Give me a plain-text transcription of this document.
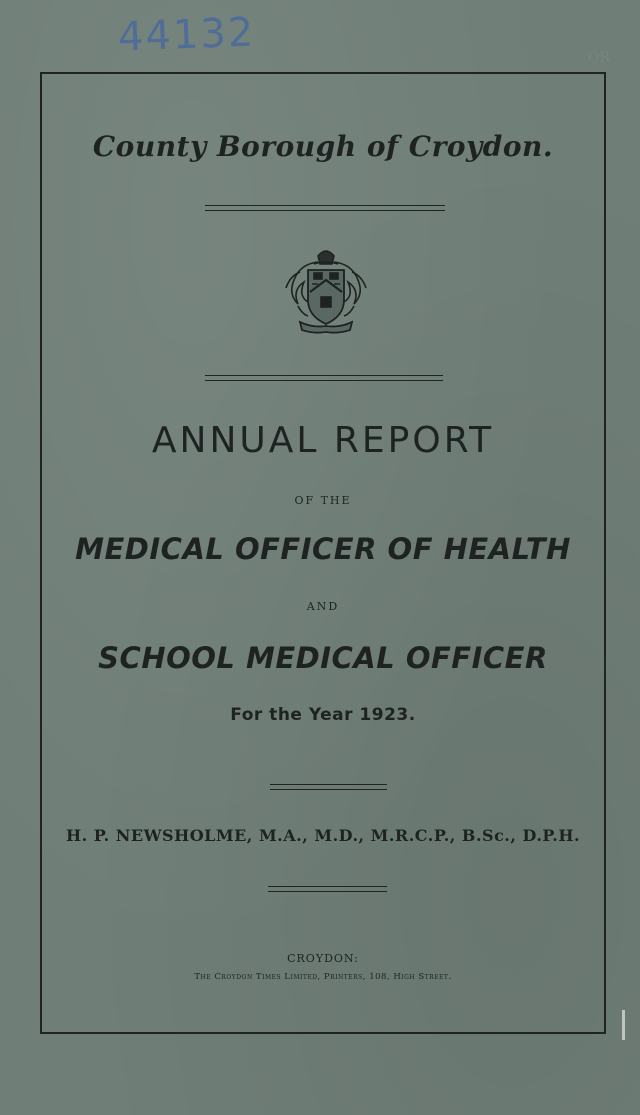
44132	OR
County Borough of Croydon.
ANNUAL REPORT
OF THE
MEDICAL OFFICER OF HEALTH
AND
SCHOOL MEDICAL OFFICER
For the Year 1923.
H. P. NEWSHOLME, M.A., M.D., M.R.C.P., B.Sc., D.P.H.
CROYDON:
The Croydon Times Limited, Printers, 108, High Street.
